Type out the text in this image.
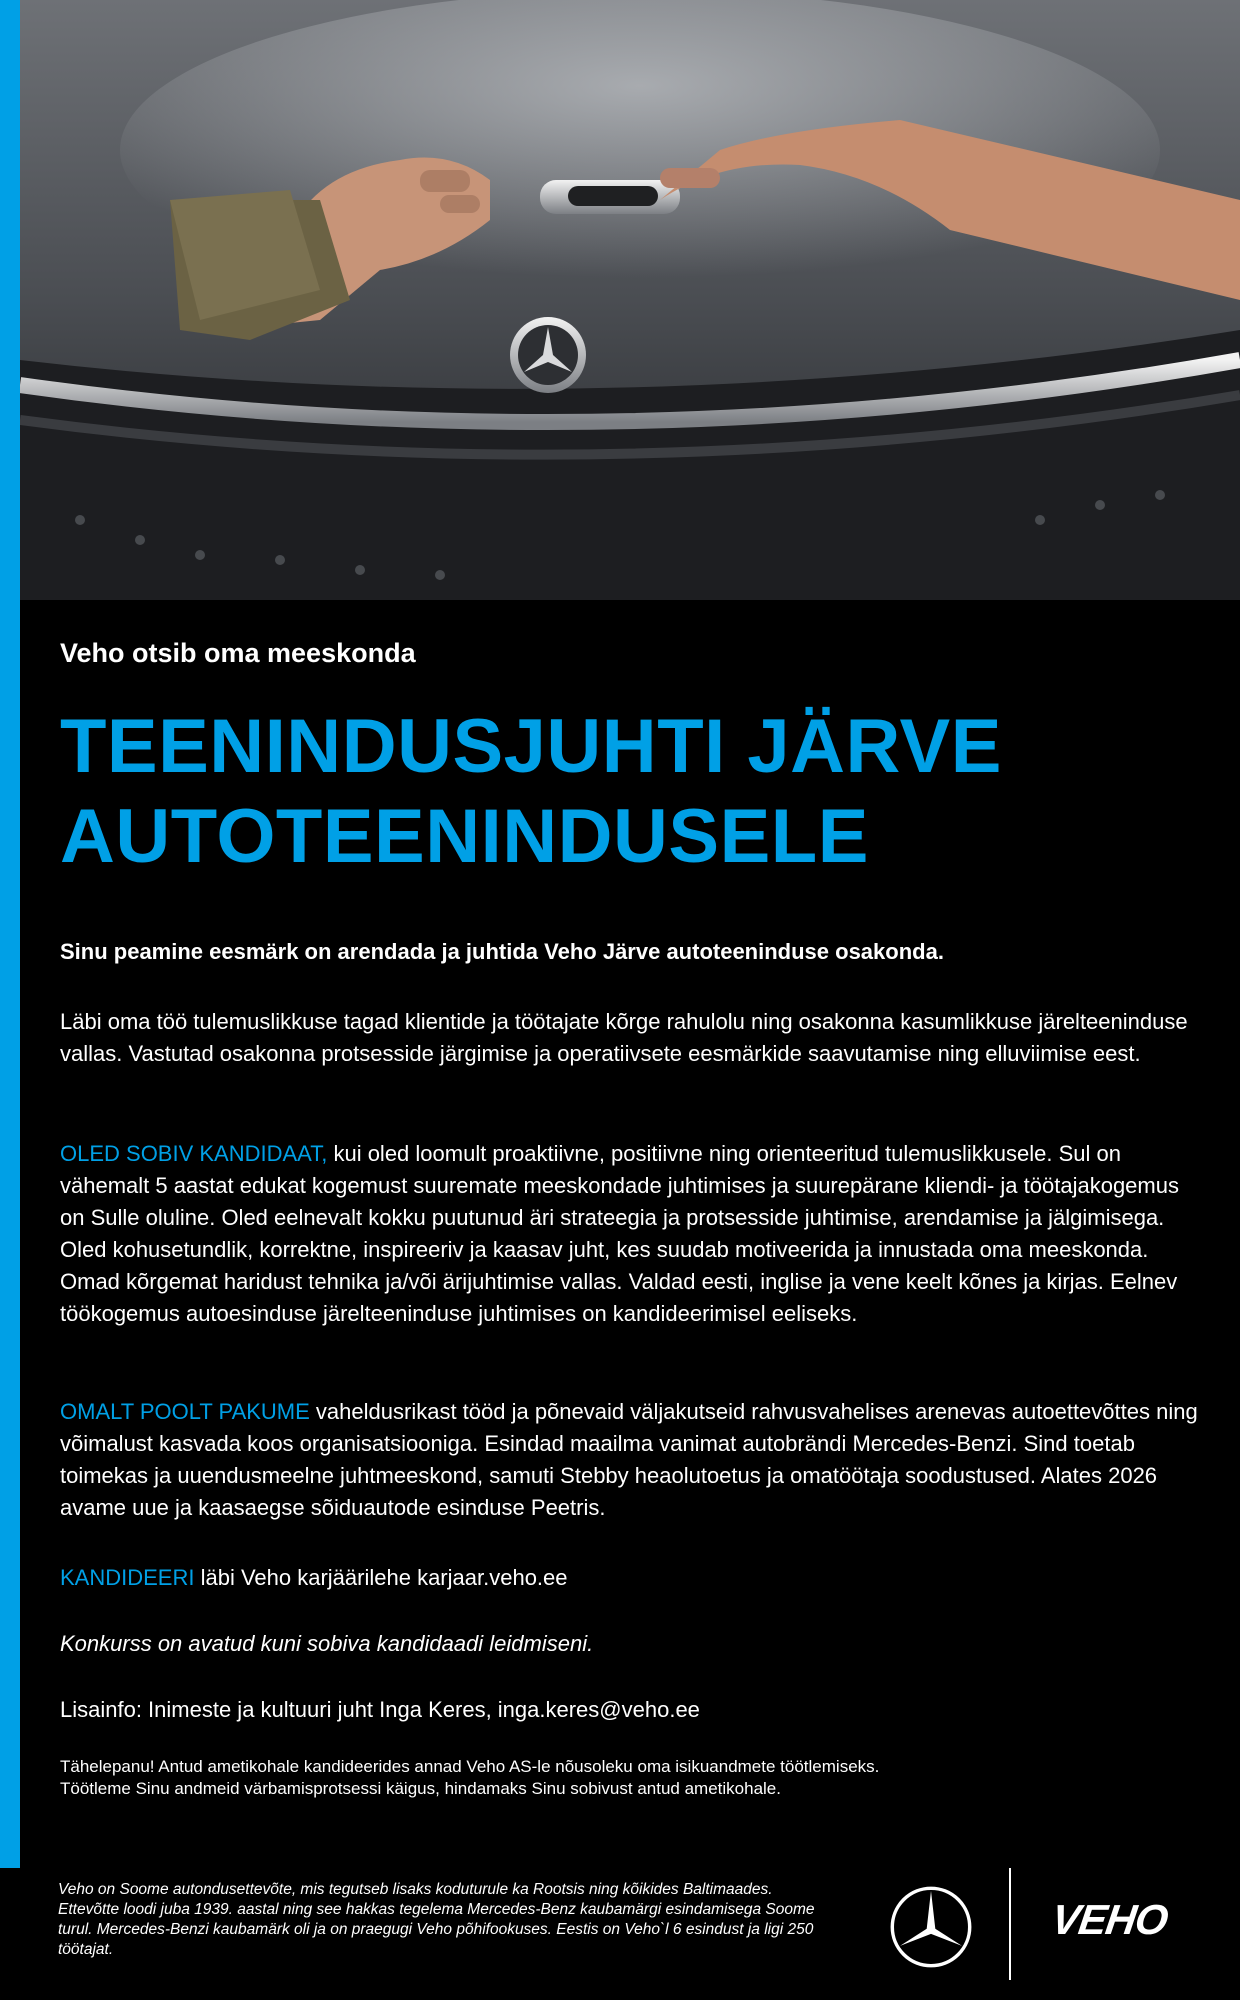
Veho otsib oma meeskonda
TEENINDUSJUHTI JÄRVE AUTOTEENINDUSELE

Sinu peamine eesmärk on arendada ja juhtida Veho Järve autoteeninduse osakonda.

Läbi oma töö tulemuslikkuse tagad klientide ja töötajate kõrge rahulolu ning osakonna kasumlikkuse järelteeninduse vallas. Vastutad osakonna protsesside järgimise ja operatiivsete eesmärkide saavutamise ning elluviimise eest.

OLED SOBIV KANDIDAAT, kui oled loomult proaktiivne, positiivne ning orienteeritud tulemuslikkusele. Sul on vähemalt 5 aastat edukat kogemust suuremate meeskondade juhtimises ja suurepärane kliendi- ja töötajakogemus on Sulle oluline. Oled eelnevalt kokku puutunud äri strateegia ja protsesside juhtimise, arendamise ja jälgimisega. Oled kohusetundlik, korrektne, inspireeriv ja kaasav juht, kes suudab motiveerida ja innustada oma meeskonda. Omad kõrgemat haridust tehnika ja/või ärijuhtimise vallas. Valdad eesti, inglise ja vene keelt kõnes ja kirjas. Eelnev töökogemus autoesinduse järelteeninduse juhtimises on kandideerimisel eeliseks.

OMALT POOLT PAKUME vaheldusrikast tööd ja põnevaid väljakutseid rahvusvahelises arenevas autoettevõttes ning võimalust kasvada koos organisatsiooniga. Esindad maailma vanimat autobrändi Mercedes-Benzi. Sind toetab toimekas ja uuendusmeelne juhtmeeskond, samuti Stebby heaolutoetus ja omatöötaja soodustused. Alates 2026 avame uue ja kaasaegse sõiduautode esinduse Peetris.

KANDIDEERI läbi Veho karjäärilehe karjaar.veho.ee

Konkurss on avatud kuni sobiva kandidaadi leidmiseni.

Lisainfo: Inimeste ja kultuuri juht Inga Keres, inga.keres@veho.ee

Tähelepanu! Antud ametikohale kandideerides annad Veho AS-le nõusoleku oma isikuandmete töötlemiseks.
Töötleme Sinu andmeid värbamisprotsessi käigus, hindamaks Sinu sobivust antud ametikohale.

Veho on Soome autondusettevõte, mis tegutseb lisaks koduturule ka Rootsis ning kõikides Baltimaades. Ettevõtte loodi juba 1939. aastal ning see hakkas tegelema Mercedes-Benz kaubamärgi esindamisega Soome turul. Mercedes-Benzi kaubamärk oli ja on praegugi Veho põhifookuses. Eestis on Veho`l 6 esindust ja ligi 250 töötajat.

VEHO
